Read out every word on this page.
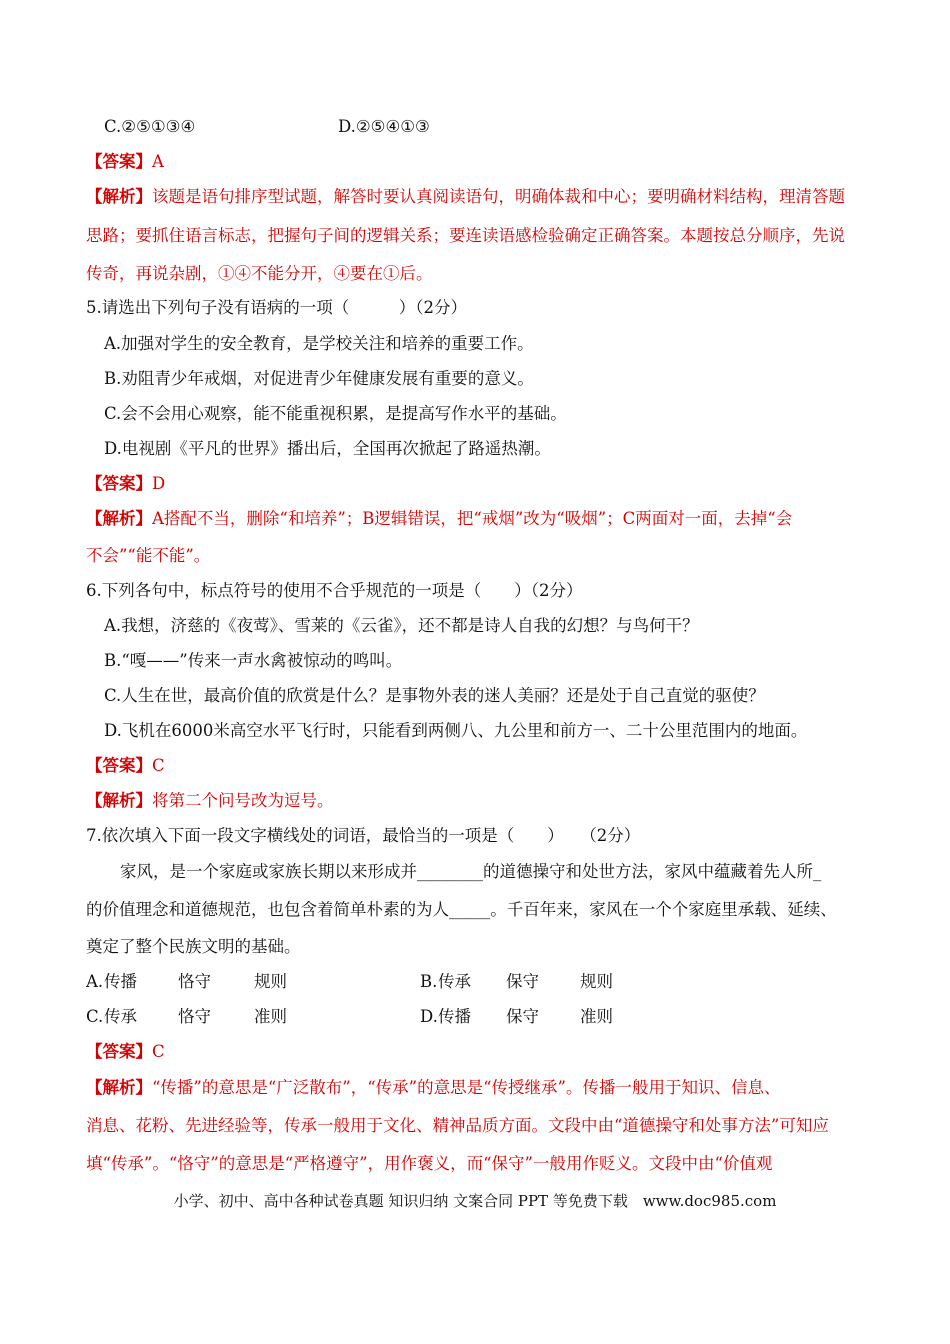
C.②⑤①③④	D.②⑤④①③
【答案】A
【解析】该题是语句排序型试题，解答时要认真阅读语句，明确体裁和中心；要明确材料结构，理清答题
思路；要抓住语言标志，把握句子间的逻辑关系；要连读语感检验确定正确答案。本题按总分顺序，先说
传奇，再说杂剧，①④不能分开，④要在①后。
5.请选出下列句子没有语病的一项（　　　）（2分）
A.加强对学生的安全教育，是学校关注和培养的重要工作。
B.劝阻青少年戒烟，对促进青少年健康发展有重要的意义。
C.会不会用心观察，能不能重视积累，是提高写作水平的基础。
D.电视剧《平凡的世界》播出后，全国再次掀起了路遥热潮。
【答案】D
【解析】A搭配不当，删除“和培养”；B逻辑错误，把“戒烟”改为“吸烟”；C两面对一面，去掉“会
不会”“能不能”。
6.下列各句中，标点符号的使用不合乎规范的一项是（　　）（2分）
A.我想，济慈的《夜莺》、雪莱的《云雀》，还不都是诗人自我的幻想？与鸟何干？
B.“嘎——”传来一声水禽被惊动的鸣叫。
C.人生在世，最高价值的欣赏是什么？是事物外表的迷人美丽？还是处于自己直觉的驱使？
D.飞机在6000米高空水平飞行时，只能看到两侧八、九公里和前方一、二十公里范围内的地面。
【答案】C
【解析】将第二个问号改为逗号。
7.依次填入下面一段文字横线处的词语，最恰当的一项是（　　）　　（2分）
家风，是一个家庭或家族长期以来形成并________的道德操守和处世方法，家风中蕴藏着先人所_
的价值理念和道德规范，也包含着简单朴素的为人_____。千百年来，家风在一个个家庭里承载、延续、
奠定了整个民族文明的基础。
A. 传播 恪守	规则	B. 传承 保守 规则
C. 传承 恪守	准则	D. 传播 保守 准则
【答案】C
【解析】“传播”的意思是“广泛散布”，“传承”的意思是“传授继承”。传播一般用于知识、信息、
消息、花粉、先进经验等，传承一般用于文化、精神品质方面。文段中由“道德操守和处事方法”可知应
填“传承”。“恪守”的意思是“严格遵守”，用作褒义，而“保守”一般用作贬义。文段中由“价值观
小学、初中、高中各种试卷真题 知识归纳 文案合同 PPT 等免费下载　www.doc985.com
